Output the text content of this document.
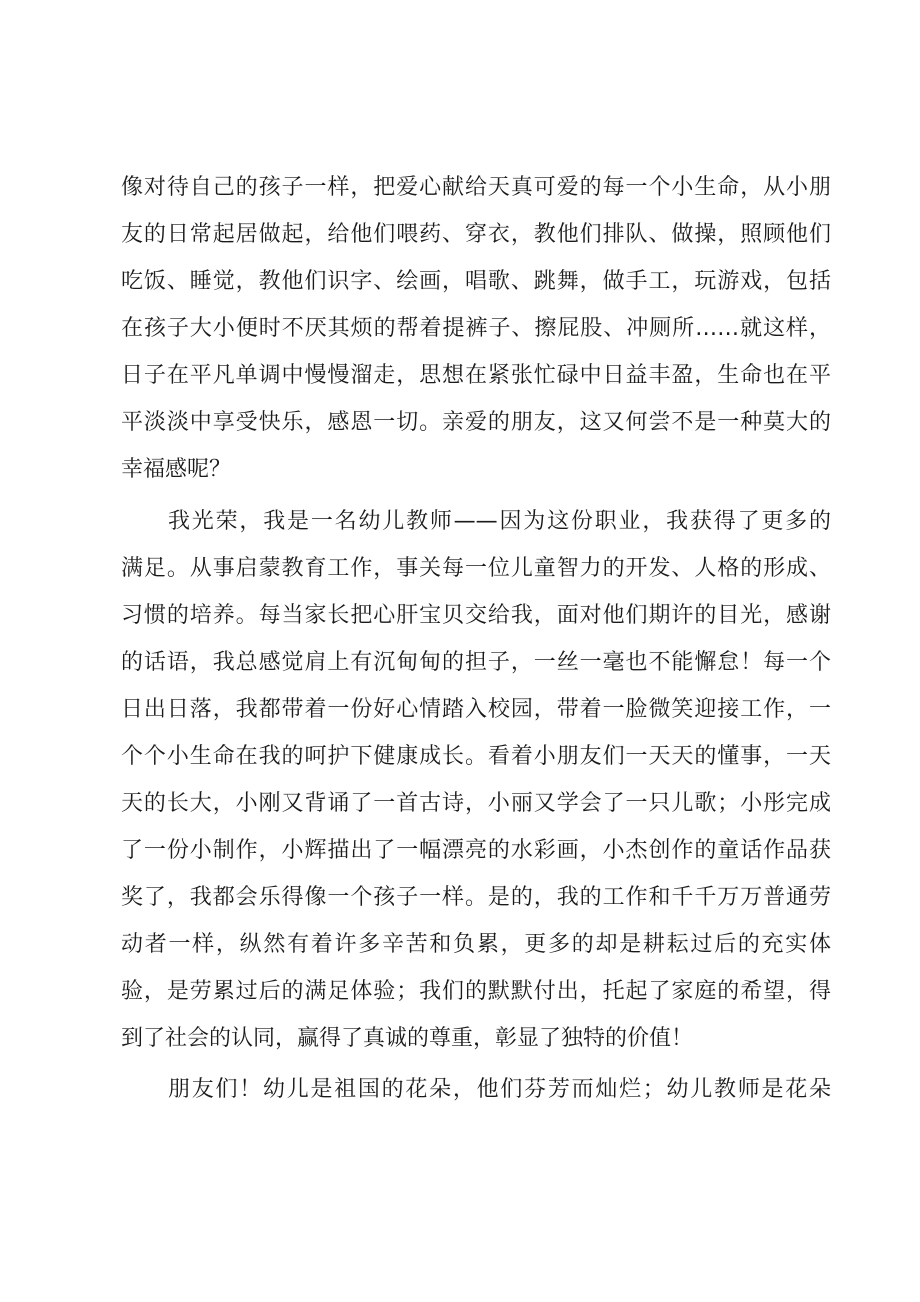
像对待自己的孩子一样，把爱心献给天真可爱的每一个小生命，从小朋
友的日常起居做起，给他们喂药、穿衣，教他们排队、做操，照顾他们
吃饭、睡觉，教他们识字、绘画，唱歌、跳舞，做手工，玩游戏，包括
在孩子大小便时不厌其烦的帮着提裤子、擦屁股、冲厕所……就这样，
日子在平凡单调中慢慢溜走，思想在紧张忙碌中日益丰盈，生命也在平
平淡淡中享受快乐，感恩一切。亲爱的朋友，这又何尝不是一种莫大的
幸福感呢？
我光荣，我是一名幼儿教师——因为这份职业，我获得了更多的
满足。从事启蒙教育工作，事关每一位儿童智力的开发、人格的形成、
习惯的培养。每当家长把心肝宝贝交给我，面对他们期许的目光，感谢
的话语，我总感觉肩上有沉甸甸的担子，一丝一毫也不能懈怠！每一个
日出日落，我都带着一份好心情踏入校园，带着一脸微笑迎接工作，一
个个小生命在我的呵护下健康成长。看着小朋友们一天天的懂事，一天
天的长大，小刚又背诵了一首古诗，小丽又学会了一只儿歌；小彤完成
了一份小制作，小辉描出了一幅漂亮的水彩画，小杰创作的童话作品获
奖了，我都会乐得像一个孩子一样。是的，我的工作和千千万万普通劳
动者一样，纵然有着许多辛苦和负累，更多的却是耕耘过后的充实体
验，是劳累过后的满足体验；我们的默默付出，托起了家庭的希望，得
到了社会的认同，赢得了真诚的尊重，彰显了独特的价值！
朋友们！幼儿是祖国的花朵，他们芬芳而灿烂；幼儿教师是花朵
